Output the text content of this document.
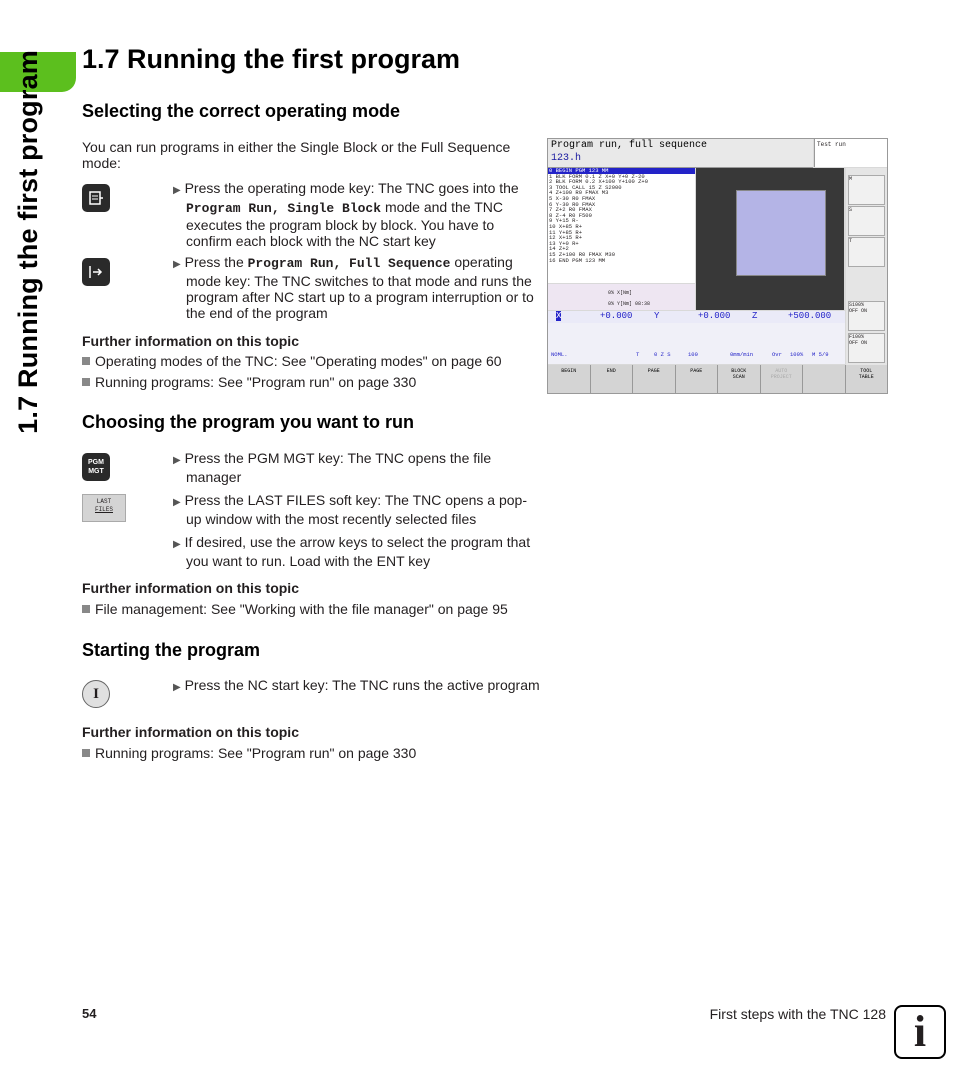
1.7 Running the first program	1.7 Running the first program
Selecting the correct operating mode

You can run programs in either the Single Block or the Full Sequence mode:

▶ Press the operating mode key: The TNC goes into the Program Run, Single Block mode and the TNC executes the program block by block. You have to confirm each block with the NC start key

▶ Press the Program Run, Full Sequence operating mode key: The TNC switches to that mode and runs the program after NC start up to a program interruption or to the end of the program

Further information on this topic

Operating modes of the TNC: See "Operating modes" on page 60

Running programs: See "Program run" on page 330

Choosing the program you want to run
PGM
MGT

▶ Press the PGM MGT key: The TNC opens the file manager

LAST
FILES

▶ Press the LAST FILES soft key: The TNC opens a pop-up window with the most recently selected files

▶ If desired, use the arrow keys to select the program that you want to run. Load with the ENT key

Further information on this topic

File management: See "Working with the file manager" on page 95

Starting the program
I	▶ Press the NC start key: The TNC runs the active program

Further information on this topic

Running programs: See "Program run" on page 330

Program run, full sequence
123.h
Test run
0 BEGIN PGM 123 MM
1 BLK FORM 0.1 Z X+0 Y+0 Z-20
2 BLK FORM 0.2 X+100 Y+100 Z+0
3 TOOL CALL 15 Z S2000
4 Z+100 R0 FMAX M3
5 X-30 R0 FMAX
6 Y-30 R0 FMAX
7 Z+2 R0 FMAX
8 Z-4 R0 F500
9 Y+15 R-
10 X+85 R+
11 Y+85 R+
12 X+15 R+
13 Y+0 R+
14 Z+2
15 Z+100 R0 FMAX M30
16 END PGM 123 MM
0% X[Nm]
0% Y[Nm] 08:38
M
S
T
S100%
OFF ON
F100%
OFF ON
X	+0.000 Y	+0.000 Z	+500.000
NOML.	T	0 Z S	100	0mm/min	Ovr 100% M 5/9
BEGIN	END	PAGE	PAGE	BLOCK
SCAN
AUTO
PROJECT

TOOL
TABLE
54	First steps with the TNC 128 i
